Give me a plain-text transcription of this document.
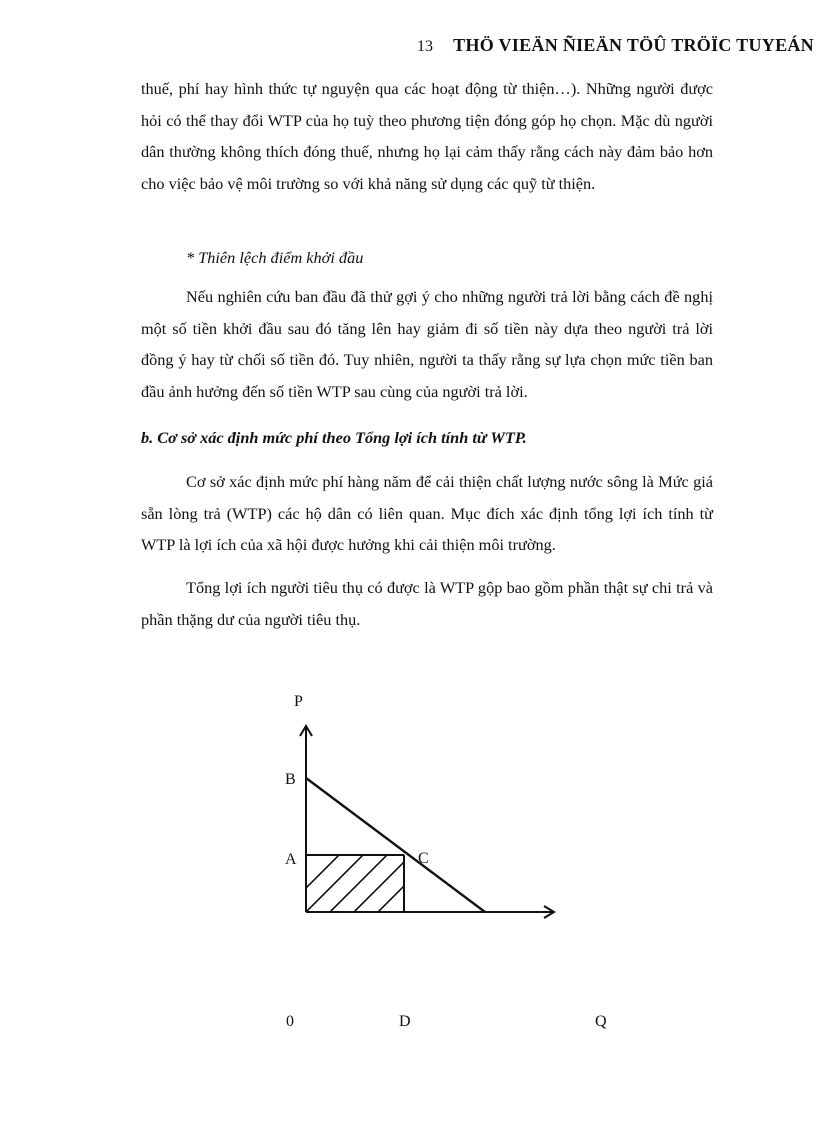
13 THÖ VIEÄN ÑIEÄN TÖÛ TRÖÏC TUYEÁN

thuế, phí hay hình thức tự nguyện qua các hoạt động từ thiện…). Những người được hỏi có thể thay đổi WTP của họ tuỳ theo phương tiện đóng góp họ chọn. Mặc dù người dân thường không thích đóng thuế, nhưng họ lại cảm thấy rằng cách này đảm bảo hơn cho việc bảo vệ môi trường so với khả năng sử dụng các quỹ từ thiện.

* Thiên lệch điểm khởi đầu

Nếu nghiên cứu ban đầu đã thử gợi ý cho những người trả lời bằng cách đề nghị một số tiền khởi đầu sau đó tăng lên hay giảm đi số tiền này dựa theo người trả lời đồng ý hay từ chối số tiền đó. Tuy nhiên, người ta thấy rằng sự lựa chọn mức tiền ban đầu ảnh hưởng đến số tiền WTP sau cùng của người trả lời.

b. Cơ sở xác định mức phí theo Tổng lợi ích tính từ WTP.

Cơ sở xác định mức phí hàng năm để cải thiện chất lượng nước sông là Mức giá sẵn lòng trả (WTP) các hộ dân có liên quan. Mục đích xác định tổng lợi ích tính từ WTP là lợi ích của xã hội được hưởng khi cải thiện môi trường.

Tổng lợi ích người tiêu thụ có được là WTP gộp bao gồm phần thật sự chi trả và phần thặng dư của người tiêu thụ.

P
B
A	C
0	D	Q
